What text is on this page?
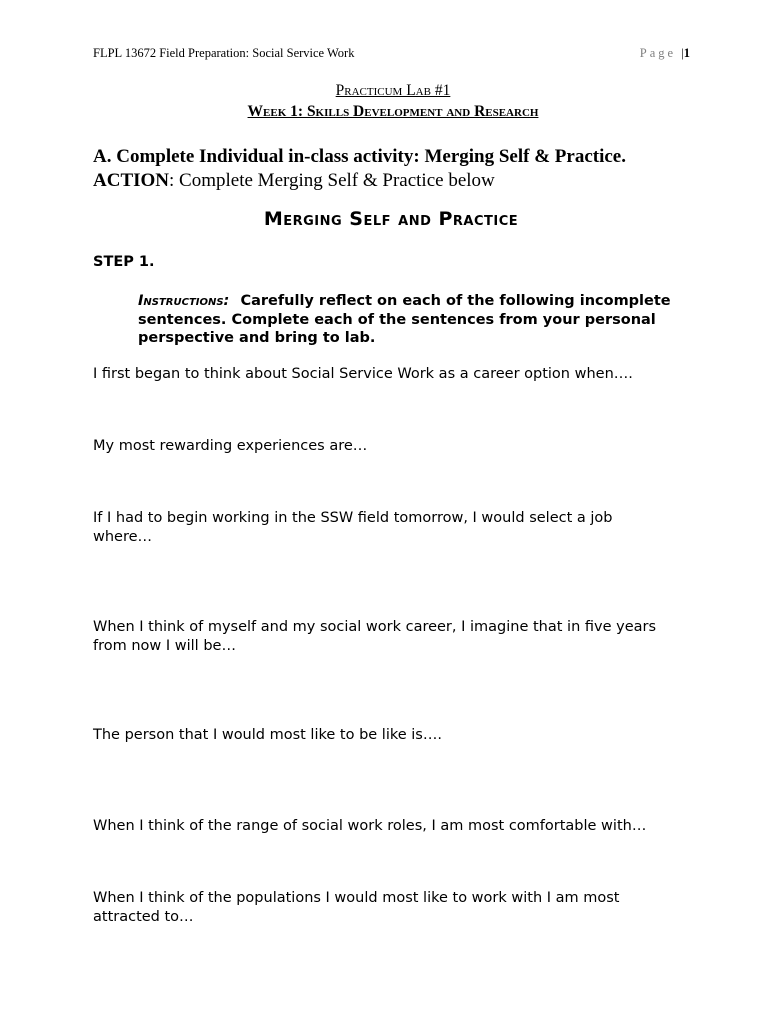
FLPL 13672 Field Preparation: Social Service Work	Page |1
Practicum Lab #1
Week 1: Skills Development and Research
A. Complete Individual in-class activity: Merging Self & Practice.
ACTION: Complete Merging Self & Practice below
Merging Self and Practice
STEP 1.
Instructions: Carefully reflect on each of the following incomplete sentences. Complete each of the sentences from your personal perspective and bring to lab.
I first began to think about Social Service Work as a career option when….
My most rewarding experiences are…
If I had to begin working in the SSW field tomorrow, I would select a job where…
When I think of myself and my social work career, I imagine that in five years from now I will be…
The person that I would most like to be like is….
When I think of the range of social work roles, I am most comfortable with…
When I think of the populations I would most like to work with I am most attracted to…
